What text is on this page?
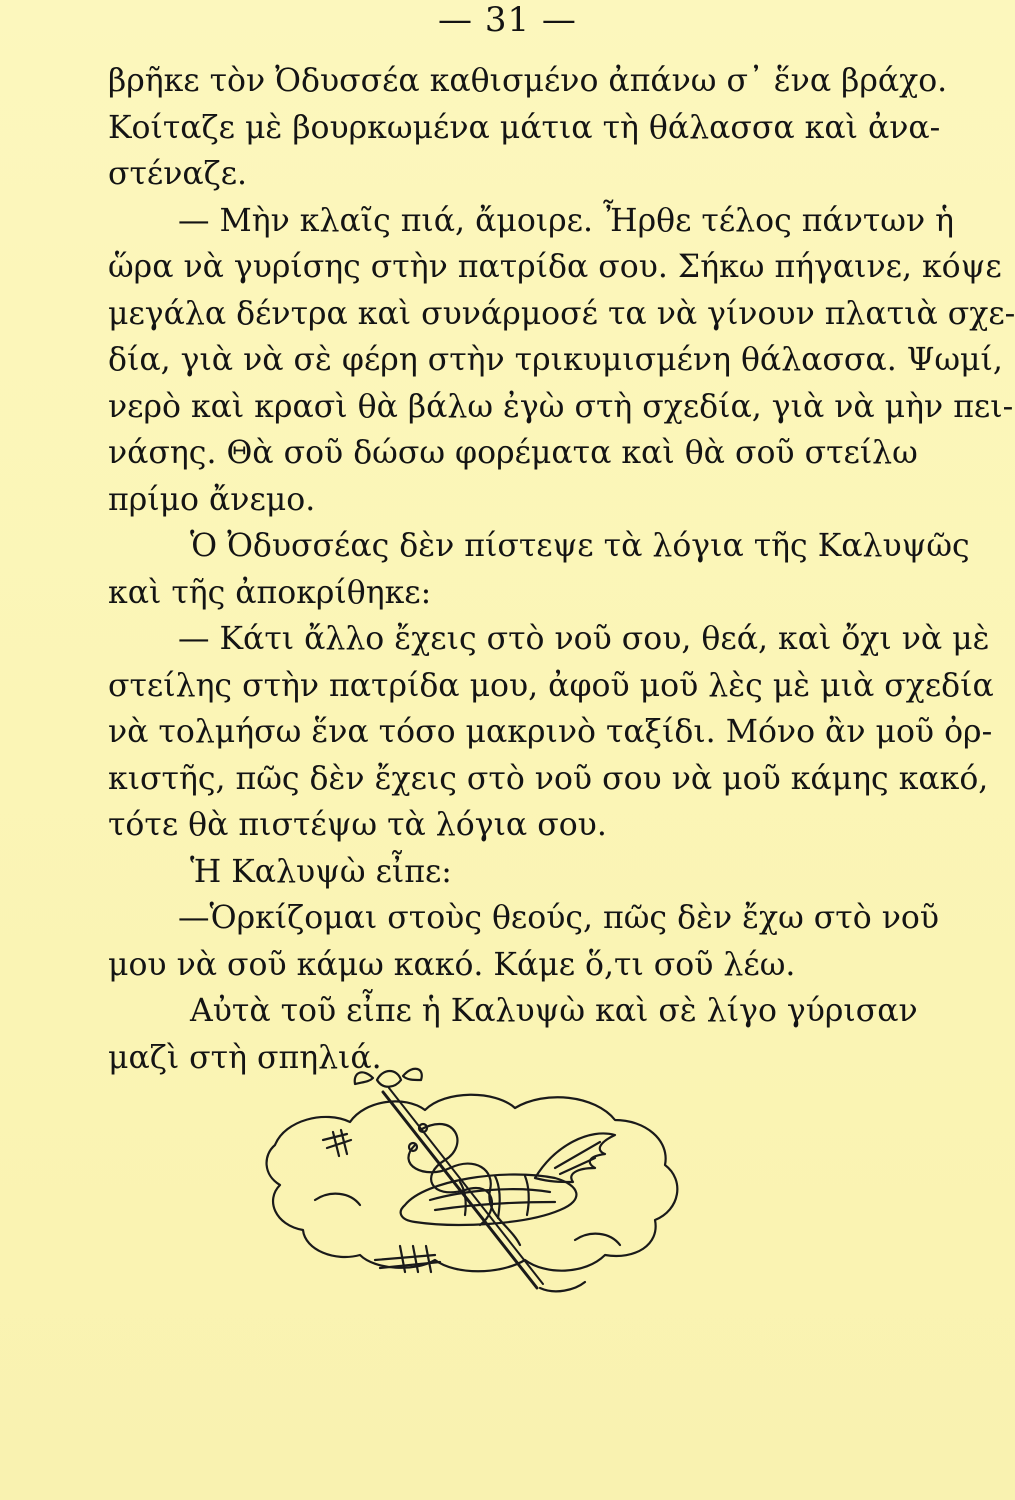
— 31 —
βρῆκε τὸν Ὀδυσσέα καθισμένο ἀπάνω σ᾿ ἕνα βράχο.
Κοίταζε μὲ βουρκωμένα μάτια τὴ θάλασσα καὶ ἀνα-
στέναζε.
— Μὴν κλαῖς πιά, ἄμοιρε. Ἦρθε τέλος πάντων ἡ
ὥρα νὰ γυρίσης στὴν πατρίδα σου. Σήκω πήγαινε, κόψε
μεγάλα δέντρα καὶ συνάρμοσέ τα νὰ γίνουν πλατιὰ σχε-
δία, γιὰ νὰ σὲ φέρη στὴν τρικυμισμένη θάλασσα. Ψωμί,
νερὸ καὶ κρασὶ θὰ βάλω ἐγὼ στὴ σχεδία, γιὰ νὰ μὴν πει-
νάσης. Θὰ σοῦ δώσω φορέματα καὶ θὰ σοῦ στείλω
πρίμο ἄνεμο.
Ὁ Ὀδυσσέας δὲν πίστεψε τὰ λόγια τῆς Καλυψῶς
καὶ τῆς ἀποκρίθηκε:
— Κάτι ἄλλο ἔχεις στὸ νοῦ σου, θεά, καὶ ὄχι νὰ μὲ
στείλης στὴν πατρίδα μου, ἀφοῦ μοῦ λὲς μὲ μιὰ σχεδία
νὰ τολμήσω ἕνα τόσο μακρινὸ ταξίδι. Μόνο ἂν μοῦ ὀρ-
κιστῆς, πῶς δὲν ἔχεις στὸ νοῦ σου νὰ μοῦ κάμης κακό,
τότε θὰ πιστέψω τὰ λόγια σου.
Ἡ Καλυψὼ εἶπε:
—Ὁρκίζομαι στοὺς θεούς, πῶς δὲν ἔχω στὸ νοῦ
μου νὰ σοῦ κάμω κακό. Κάμε ὅ,τι σοῦ λέω.
Αὐτὰ τοῦ εἶπε ἡ Καλυψὼ καὶ σὲ λίγο γύρισαν
μαζὶ στὴ σπηλιά.
